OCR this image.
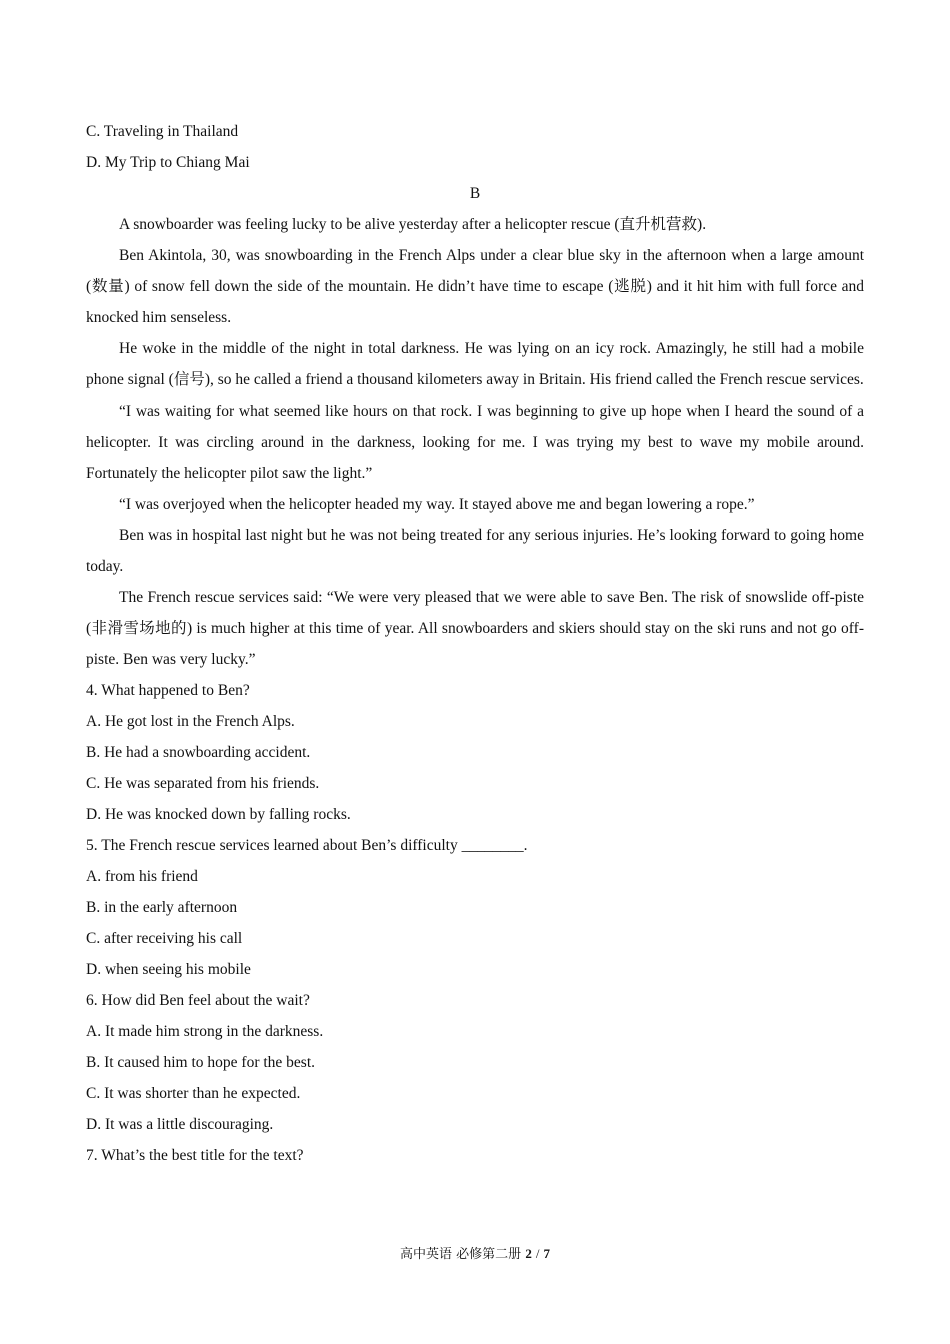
C. Traveling in Thailand

D. My Trip to Chiang Mai

B

A snowboarder was feeling lucky to be alive yesterday after a helicopter rescue (直升机营救).

Ben Akintola, 30, was snowboarding in the French Alps under a clear blue sky in the afternoon when a large amount (数量) of snow fell down the side of the mountain. He didn’t have time to escape (逃脱) and it hit him with full force and knocked him senseless.

He woke in the middle of the night in total darkness. He was lying on an icy rock. Amazingly, he still had a mobile phone signal (信号), so he called a friend a thousand kilometers away in Britain. His friend called the French rescue services.

“I was waiting for what seemed like hours on that rock. I was beginning to give up hope when I heard the sound of a helicopter. It was circling around in the darkness, looking for me. I was trying my best to wave my mobile around. Fortunately the helicopter pilot saw the light.”

“I was overjoyed when the helicopter headed my way. It stayed above me and began lowering a rope.”

Ben was in hospital last night but he was not being treated for any serious injuries. He’s looking forward to going home today.

The French rescue services said: “We were very pleased that we were able to save Ben. The risk of snowslide off-piste (非滑雪场地的) is much higher at this time of year. All snowboarders and skiers should stay on the ski runs and not go off-piste. Ben was very lucky.”

4. What happened to Ben?

A. He got lost in the French Alps.

B. He had a snowboarding accident.

C. He was separated from his friends.

D. He was knocked down by falling rocks.

5. The French rescue services learned about Ben’s difficulty ________.

A. from his friend

B. in the early afternoon

C. after receiving his call

D. when seeing his mobile

6. How did Ben feel about the wait?

A. It made him strong in the darkness.

B. It caused him to hope for the best.

C. It was shorter than he expected.

D. It was a little discouraging.

7. What’s the best title for the text?

高中英语 必修第二册 2 / 7
